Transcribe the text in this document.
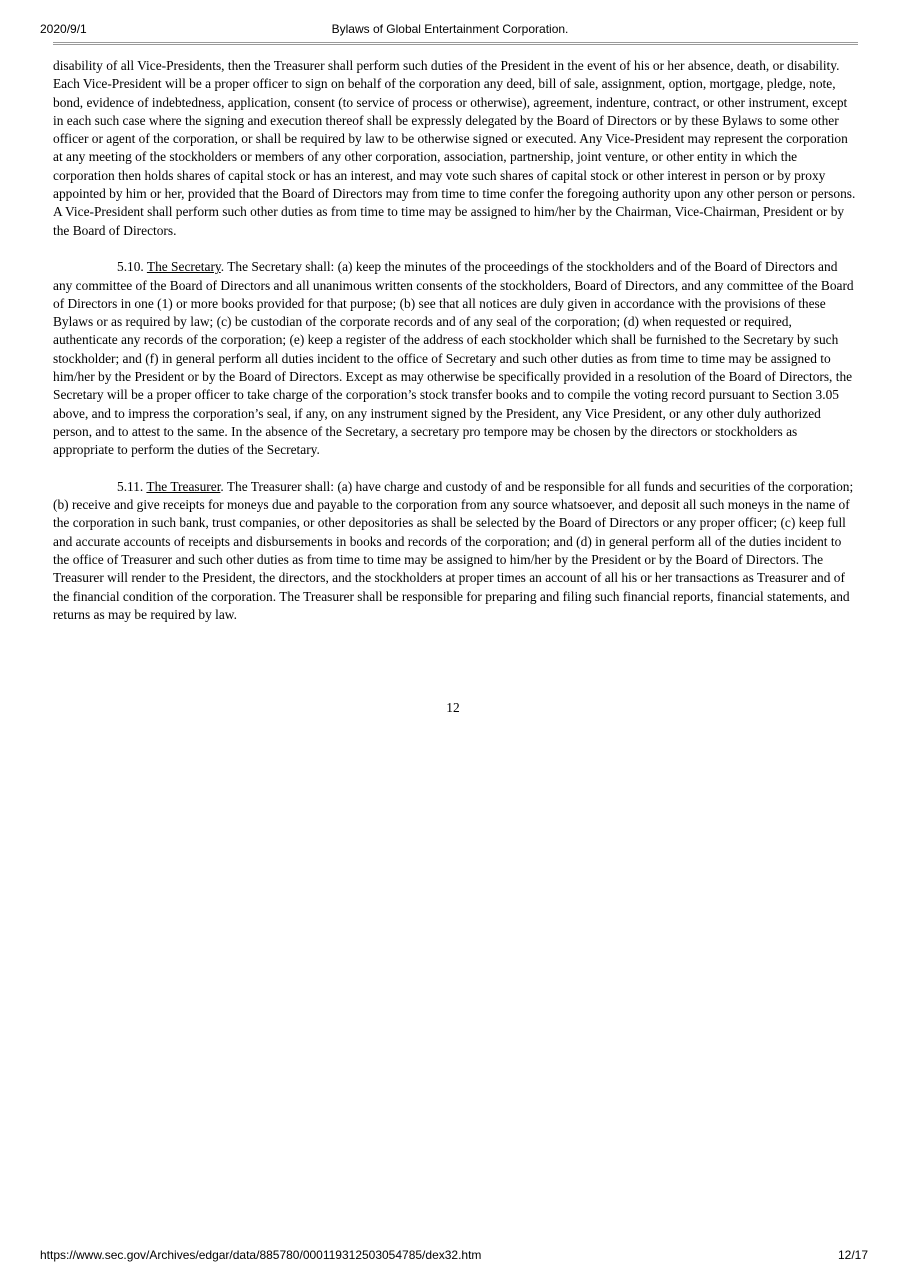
2020/9/1	Bylaws of Global Entertainment Corporation.

disability of all Vice-Presidents, then the Treasurer shall perform such duties of the President in the event of his or her absence, death, or disability. Each Vice-President will be a proper officer to sign on behalf of the corporation any deed, bill of sale, assignment, option, mortgage, pledge, note, bond, evidence of indebtedness, application, consent (to service of process or otherwise), agreement, indenture, contract, or other instrument, except in each such case where the signing and execution thereof shall be expressly delegated by the Board of Directors or by these Bylaws to some other officer or agent of the corporation, or shall be required by law to be otherwise signed or executed. Any Vice-President may represent the corporation at any meeting of the stockholders or members of any other corporation, association, partnership, joint venture, or other entity in which the corporation then holds shares of capital stock or has an interest, and may vote such shares of capital stock or other interest in person or by proxy appointed by him or her, provided that the Board of Directors may from time to time confer the foregoing authority upon any other person or persons. A Vice-President shall perform such other duties as from time to time may be assigned to him/her by the Chairman, Vice-Chairman, President or by the Board of Directors.

5.10. The Secretary. The Secretary shall: (a) keep the minutes of the proceedings of the stockholders and of the Board of Directors and any committee of the Board of Directors and all unanimous written consents of the stockholders, Board of Directors, and any committee of the Board of Directors in one (1) or more books provided for that purpose; (b) see that all notices are duly given in accordance with the provisions of these Bylaws or as required by law; (c) be custodian of the corporate records and of any seal of the corporation; (d) when requested or required, authenticate any records of the corporation; (e) keep a register of the address of each stockholder which shall be furnished to the Secretary by such stockholder; and (f) in general perform all duties incident to the office of Secretary and such other duties as from time to time may be assigned to him/her by the President or by the Board of Directors. Except as may otherwise be specifically provided in a resolution of the Board of Directors, the Secretary will be a proper officer to take charge of the corporation’s stock transfer books and to compile the voting record pursuant to Section 3.05 above, and to impress the corporation’s seal, if any, on any instrument signed by the President, any Vice President, or any other duly authorized person, and to attest to the same. In the absence of the Secretary, a secretary pro tempore may be chosen by the directors or stockholders as appropriate to perform the duties of the Secretary.

5.11. The Treasurer. The Treasurer shall: (a) have charge and custody of and be responsible for all funds and securities of the corporation; (b) receive and give receipts for moneys due and payable to the corporation from any source whatsoever, and deposit all such moneys in the name of the corporation in such bank, trust companies, or other depositories as shall be selected by the Board of Directors or any proper officer; (c) keep full and accurate accounts of receipts and disbursements in books and records of the corporation; and (d) in general perform all of the duties incident to the office of Treasurer and such other duties as from time to time may be assigned to him/her by the President or by the Board of Directors. The Treasurer will render to the President, the directors, and the stockholders at proper times an account of all his or her transactions as Treasurer and of the financial condition of the corporation. The Treasurer shall be responsible for preparing and filing such financial reports, financial statements, and returns as may be required by law.

12
https://www.sec.gov/Archives/edgar/data/885780/000119312503054785/dex32.htm	12/17
